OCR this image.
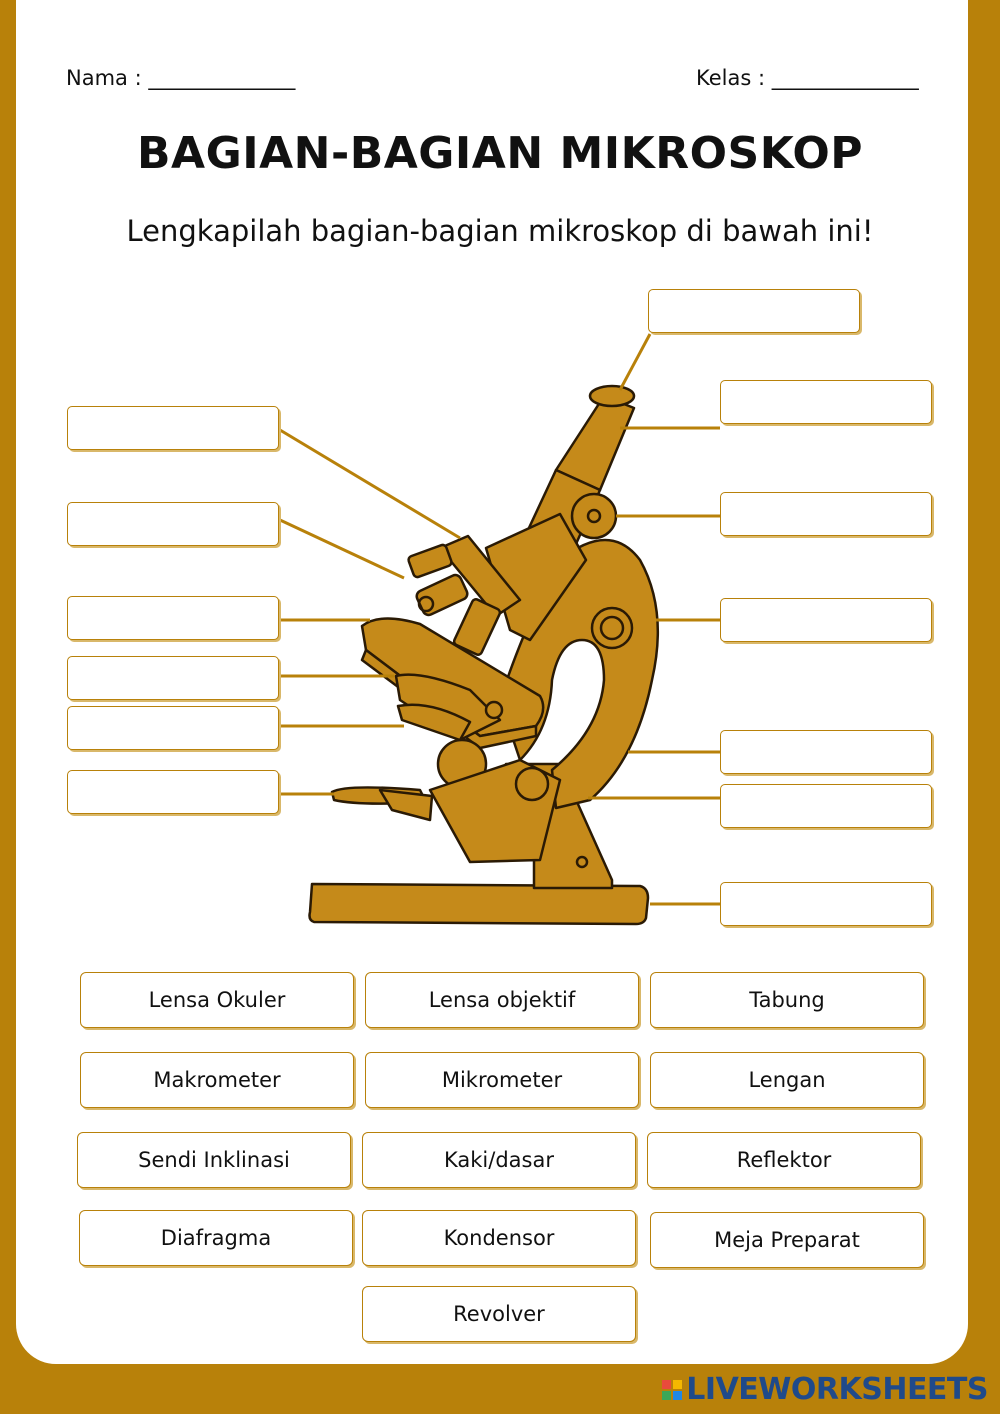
Nama : ______________	Kelas : ______________
BAGIAN-BAGIAN MIKROSKOP
Lengkapilah bagian-bagian mikroskop di bawah ini!
Lensa Okuler	Lensa objektif	Tabung
Makrometer	Mikrometer	Lengan
Sendi Inklinasi	Kaki/dasar	Reflektor
Diafragma	Kondensor	Meja Preparat
Revolver
LIVEWORKSHEETS
